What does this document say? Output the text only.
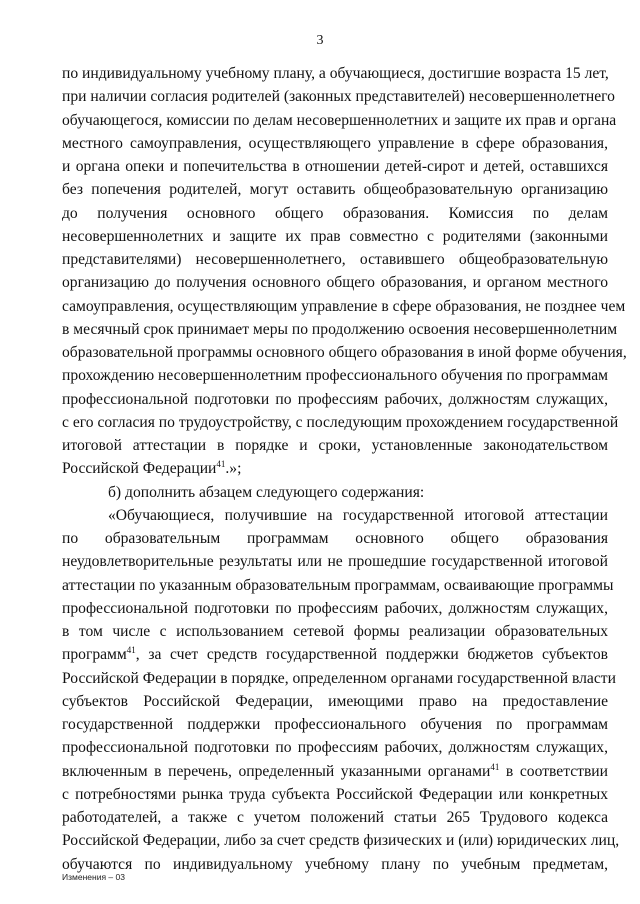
3
по индивидуальному учебному плану, а обучающиеся, достигшие возраста 15 лет,
при наличии согласия родителей (законных представителей) несовершеннолетнего
обучающегося, комиссии по делам несовершеннолетних и защите их прав и органа
местного самоуправления, осуществляющего управление в сфере образования,
и органа опеки и попечительства в отношении детей-сирот и детей, оставшихся
без попечения родителей, могут оставить общеобразовательную организацию
до получения основного общего образования. Комиссия по делам
несовершеннолетних и защите их прав совместно с родителями (законными
представителями) несовершеннолетнего, оставившего общеобразовательную
организацию до получения основного общего образования, и органом местного
самоуправления, осуществляющим управление в сфере образования, не позднее чем
в месячный срок принимает меры по продолжению освоения несовершеннолетним
образовательной программы основного общего образования в иной форме обучения,
прохождению несовершеннолетним профессионального обучения по программам
профессиональной подготовки по профессиям рабочих, должностям служащих,
с его согласия по трудоустройству, с последующим прохождением государственной
итоговой аттестации в порядке и сроки, установленные законодательством
Российской Федерации$^{41}$.»;
б) дополнить абзацем следующего содержания:
«Обучающиеся, получившие на государственной итоговой аттестации
по образовательным программам основного общего образования
неудовлетворительные результаты или не прошедшие государственной итоговой
аттестации по указанным образовательным программам, осваивающие программы
профессиональной подготовки по профессиям рабочих, должностям служащих,
в том числе с использованием сетевой формы реализации образовательных
программ$^{41}$, за счет средств государственной поддержки бюджетов субъектов
Российской Федерации в порядке, определенном органами государственной власти
субъектов Российской Федерации, имеющими право на предоставление
государственной поддержки профессионального обучения по программам
профессиональной подготовки по профессиям рабочих, должностям служащих,
включенным в перечень, определенный указанными органами$^{41}$ в соответствии
с потребностями рынка труда субъекта Российской Федерации или конкретных
работодателей, а также с учетом положений статьи 265 Трудового кодекса
Российской Федерации, либо за счет средств физических и (или) юридических лиц,
обучаются по индивидуальному учебному плану по учебным предметам,
Изменения – 03
